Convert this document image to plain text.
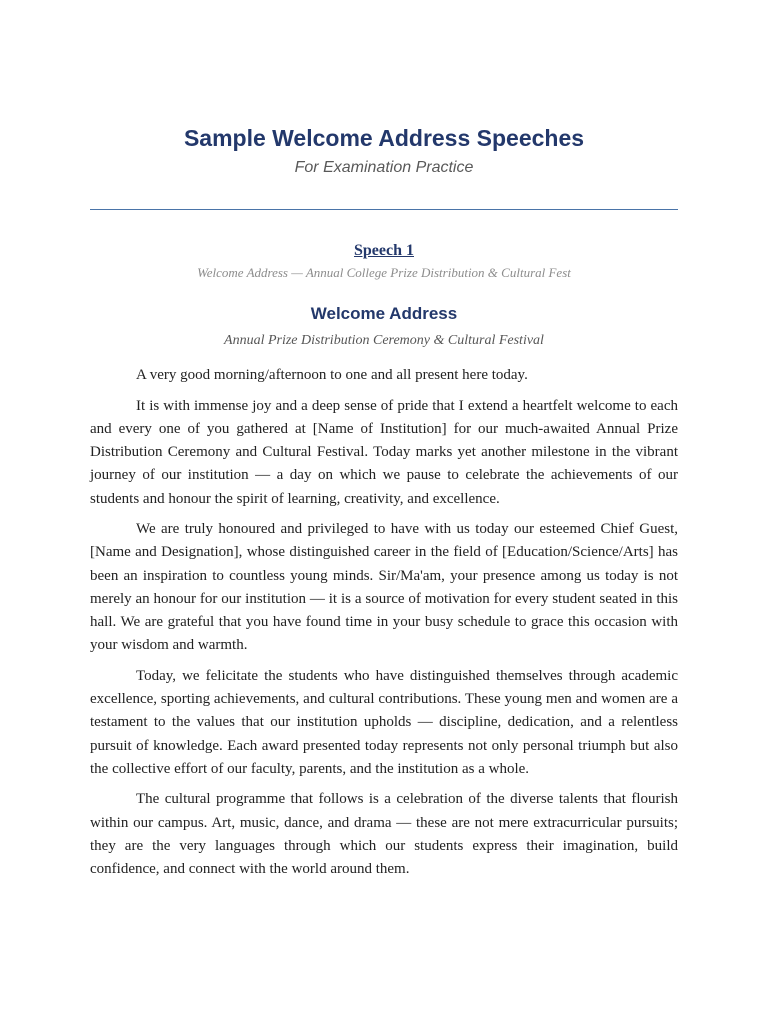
Sample Welcome Address Speeches
For Examination Practice
Speech 1
Welcome Address — Annual College Prize Distribution & Cultural Fest
Welcome Address
Annual Prize Distribution Ceremony & Cultural Festival

A very good morning/afternoon to one and all present here today.

It is with immense joy and a deep sense of pride that I extend a heartfelt welcome to each and every one of you gathered at [Name of Institution] for our much-awaited Annual Prize Distribution Ceremony and Cultural Festival. Today marks yet another milestone in the vibrant journey of our institution — a day on which we pause to celebrate the achievements of our students and honour the spirit of learning, creativity, and excellence.

We are truly honoured and privileged to have with us today our esteemed Chief Guest, [Name and Designation], whose distinguished career in the field of [Education/Science/Arts] has been an inspiration to countless young minds. Sir/Ma'am, your presence among us today is not merely an honour for our institution — it is a source of motivation for every student seated in this hall. We are grateful that you have found time in your busy schedule to grace this occasion with your wisdom and warmth.

Today, we felicitate the students who have distinguished themselves through academic excellence, sporting achievements, and cultural contributions. These young men and women are a testament to the values that our institution upholds — discipline, dedication, and a relentless pursuit of knowledge. Each award presented today represents not only personal triumph but also the collective effort of our faculty, parents, and the institution as a whole.

The cultural programme that follows is a celebration of the diverse talents that flourish within our campus. Art, music, dance, and drama — these are not mere extracurricular pursuits; they are the very languages through which our students express their imagination, build confidence, and connect with the world around them.
